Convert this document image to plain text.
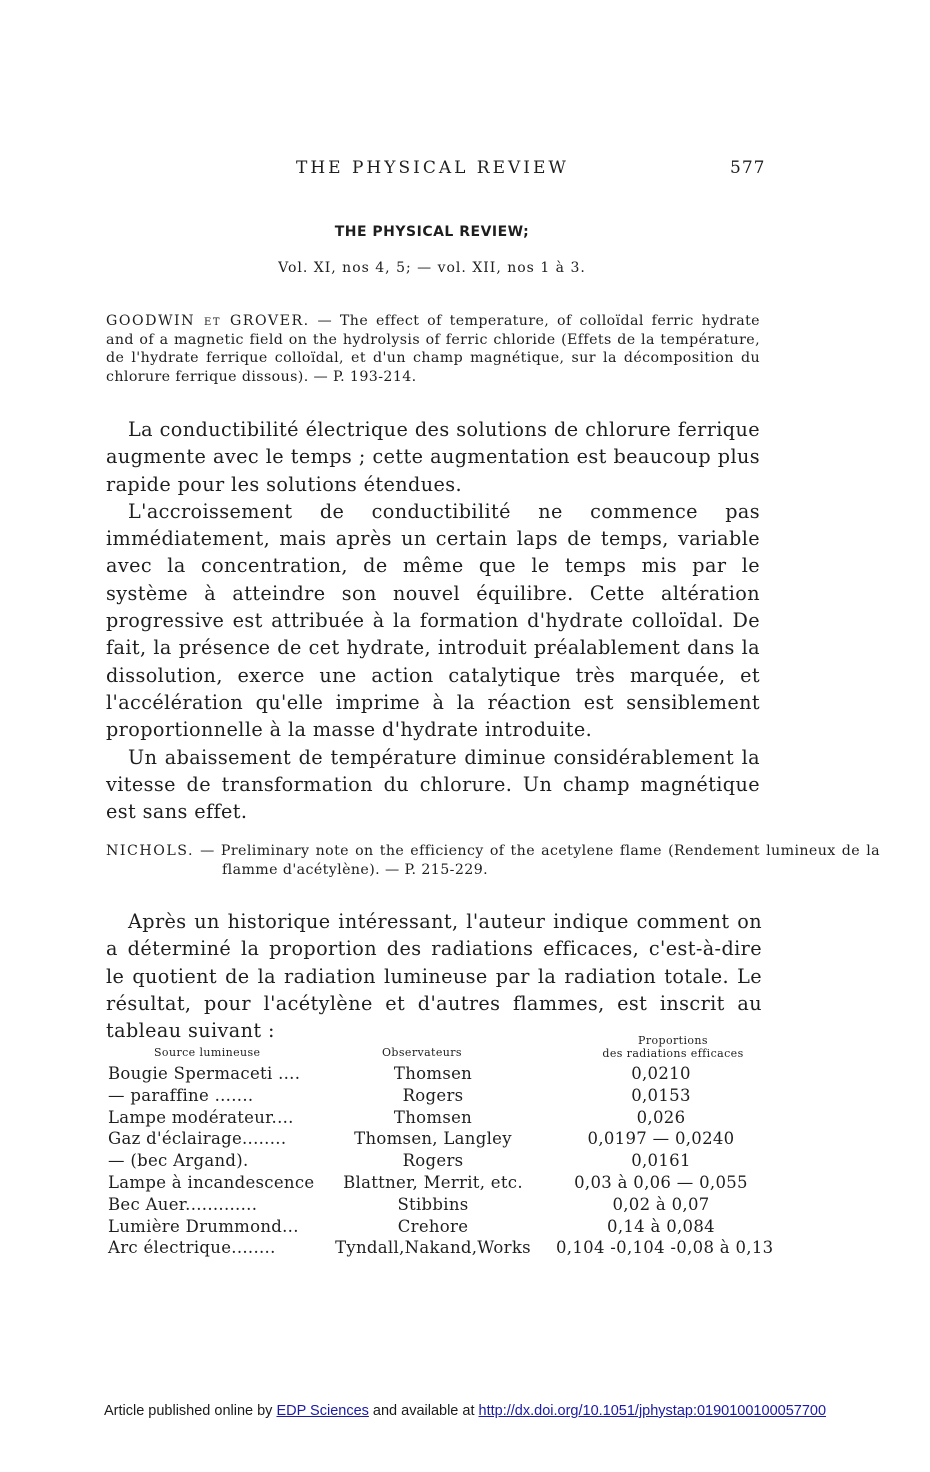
THE PHYSICAL REVIEW	577
THE PHYSICAL REVIEW;
Vol. XI, nos 4, 5; — vol. XII, nos 1 à 3.
GOODWIN et GROVER. — The effect of temperature, of colloïdal ferric hydrate and of a magnetic field on the hydrolysis of ferric chloride (Effets de la température, de l'hydrate ferrique colloïdal, et d'un champ magnétique, sur la décomposition du chlorure ferrique dissous). — P. 193-214.

La conductibilité électrique des solutions de chlorure ferrique augmente avec le temps ; cette augmentation est beaucoup plus rapide pour les solutions étendues.

L'accroissement de conductibilité ne commence pas immédiatement, mais après un certain laps de temps, variable avec la concentration, de même que le temps mis par le système à atteindre son nouvel équilibre. Cette altération progressive est attribuée à la formation d'hydrate colloïdal. De fait, la présence de cet hydrate, introduit préalablement dans la dissolution, exerce une action catalytique très marquée, et l'accélération qu'elle imprime à la réaction est sensiblement proportionnelle à la masse d'hydrate introduite.

Un abaissement de température diminue considérablement la vitesse de transformation du chlorure. Un champ magnétique est sans effet.

NICHOLS. — Preliminary note on the efficiency of the acetylene flame (Rendement lumineux de la flamme d'acétylène). — P. 215-229.

Après un historique intéressant, l'auteur indique comment on a déterminé la proportion des radiations efficaces, c'est-à-dire le quotient de la radiation lumineuse par la radiation totale. Le résultat, pour l'acétylène et d'autres flammes, est inscrit au tableau suivant :

Source lumineuse	Observateurs
Proportions
des radiations efficaces
Bougie Spermaceti ....	Thomsen	0,0210
— paraffine .......	Rogers	0,0153
Lampe modérateur....	Thomsen	0,026
Gaz d'éclairage........	Thomsen, Langley	0,0197 — 0,0240
— (bec Argand).	Rogers	0,0161
Lampe à incandescence	Blattner, Merrit, etc.	0,03 à 0,06 — 0,055
Bec Auer.............	Stibbins	0,02 à 0,07
Lumière Drummond...	Crehore	0,14 à 0,084
Arc électrique........	Tyndall,Nakand,Works	0,104 -0,104 -0,08 à 0,13
Article published online by EDP Sciences and available at http://dx.doi.org/10.1051/jphystap:0190100100057700
